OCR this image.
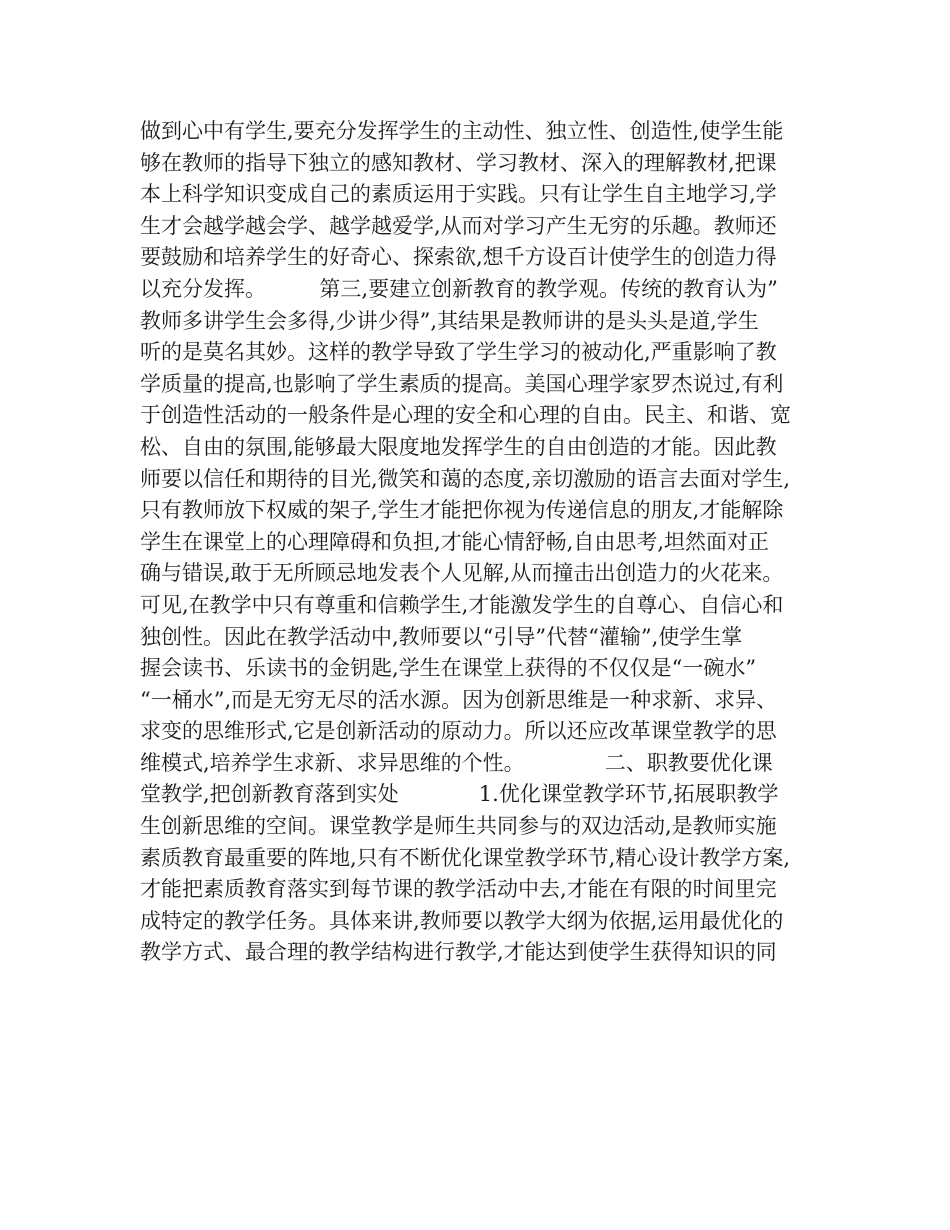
做到心中有学生,要充分发挥学生的主动性、独立性、创造性,使学生能
够在教师的指导下独立的感知教材、学习教材、深入的理解教材,把课
本上科学知识变成自己的素质运用于实践。只有让学生自主地学习,学
生才会越学越会学、越学越爱学,从而对学习产生无穷的乐趣。教师还
要鼓励和培养学生的好奇心、探索欲,想千方设百计使学生的创造力得
以充分发挥。        第三,要建立创新教育的教学观。传统的教育认为”
教师多讲学生会多得,少讲少得”,其结果是教师讲的是头头是道,学生
听的是莫名其妙。这样的教学导致了学生学习的被动化,严重影响了教
学质量的提高,也影响了学生素质的提高。美国心理学家罗杰说过,有利
于创造性活动的一般条件是心理的安全和心理的自由。民主、和谐、宽
松、自由的氛围,能够最大限度地发挥学生的自由创造的才能。因此教
师要以信任和期待的目光,微笑和蔼的态度,亲切激励的语言去面对学生,
只有教师放下权威的架子,学生才能把你视为传递信息的朋友,才能解除
学生在课堂上的心理障碍和负担,才能心情舒畅,自由思考,坦然面对正
确与错误,敢于无所顾忌地发表个人见解,从而撞击出创造力的火花来。
可见,在教学中只有尊重和信赖学生,才能激发学生的自尊心、自信心和
独创性。因此在教学活动中,教师要以“引导”代替“灌输”,使学生掌
握会读书、乐读书的金钥匙,学生在课堂上获得的不仅仅是“一碗水”
“一桶水”,而是无穷无尽的活水源。因为创新思维是一种求新、求异、
求变的思维形式,它是创新活动的原动力。所以还应改革课堂教学的思
维模式,培养学生求新、求异思维的个性。            二、职教要优化课
堂教学,把创新教育落到实处            1.优化课堂教学环节,拓展职教学
生创新思维的空间。课堂教学是师生共同参与的双边活动,是教师实施
素质教育最重要的阵地,只有不断优化课堂教学环节,精心设计教学方案,
才能把素质教育落实到每节课的教学活动中去,才能在有限的时间里完
成特定的教学任务。具体来讲,教师要以教学大纲为依据,运用最优化的
教学方式、最合理的教学结构进行教学,才能达到使学生获得知识的同
